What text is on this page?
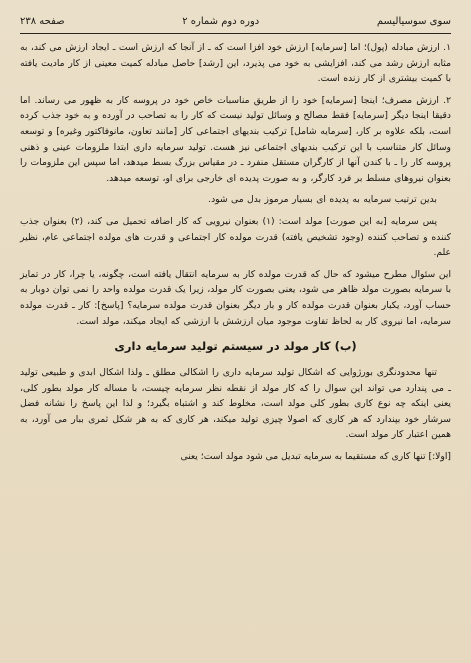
سوی سوسیالیسم
دوره دوم شماره ۲
صفحه ۲۳۸

۱. ارزش مبادله (پول)؛ اما [سرمایه] ارزش خود افزا است که ـ از آنجا که ارزش است ـ ایجاد ارزش می کند، به مثابه ارزش رشد می کند، افزایشی به خود می پذیرد، این [رشد] حاصل مبادله کمیت معینی از کار مادیت یافته با کمیت بیشتری از کار زنده است.

۲. ارزش مصرف؛ اینجا [سرمایه] خود را از طریق مناسبات خاص خود در پروسه کار به ظهور می رساند. اما دقیقا اینجا دیگر [سرمایه] فقط مصالح و وسائل تولید نیست که کار را به تصاحب در آورده و به خود جذب کرده است، بلکه علاوه بر کار، [سرمایه شامل] ترکیب بندیهای اجتماعی کار [مانند تعاون، مانوفاکتور وغیره] و توسعه وسائل کار متناسب با این ترکیب بندیهای اجتماعی نیز هست. تولید سرمایه داری ابتدا ملزومات عینی و ذهنی پروسه کار را ـ با کندن آنها از کارگران مستقل منفرد ـ در مقیاس بزرگ بسط میدهد، اما سپس این ملزومات را بعنوان نیروهای مسلط بر فرد کارگر، و به صورت پدیده ای خارجی برای او، توسعه میدهد.

بدین ترتیب سرمایه به پدیده ای بسیار مرموز بدل می شود.

پس سرمایه [به این صورت] مولد است: (۱) بعنوان نیرویی که کار اضافه تحمیل می کند، (۲) بعنوان جذب کننده و تصاحب کننده (وجود تشخیص یافته) قدرت مولده کار اجتماعی و قدرت های مولده اجتماعی عام، نظیر علم.

این سئوال مطرح میشود که حال که قدرت مولده کار به سرمایه انتقال یافته است، چگونه، یا چرا، کار در تمایز با سرمایه بصورت مولد ظاهر می شود، یعنی بصورت کار مولد، زیرا یک قدرت مولده واحد را نمی توان دوبار به حساب آورد، یکبار بعنوان قدرت مولده کار و بار دیگر بعنوان قدرت مولده سرمایه؟ [پاسخ]: کار ـ قدرت مولده سرمایه، اما نیروی کار به لحاظ تفاوت موجود میان ارزشش با ارزشی که ایجاد میکند، مولد است.

(ب) کار مولد در سیستم تولید سرمایه داری

تنها محدودنگری بورژوایی که اشکال تولید سرمایه داری را اشکالی مطلق ـ ولذا اشکال ابدی و طبیعی تولید ـ می پندارد می تواند این سوال را که کار مولد از نقطه نظر سرمایه چیست، با مساله کار مولد بطور کلی، یعنی اینکه چه نوع کاری بطور کلی مولد است، مخلوط کند و اشتباه بگیرد؛ و لذا این پاسخ را نشانه فضل سرشار خود بپندارد که هر کاری که اصولا چیزی تولید میکند، هر کاری که به هر شکل ثمری ببار می آورد، به همین اعتبار کار مولد است.

[اولا:] تنها کاری که مستقیما به سرمایه تبدیل می شود مولد است؛ یعنی
